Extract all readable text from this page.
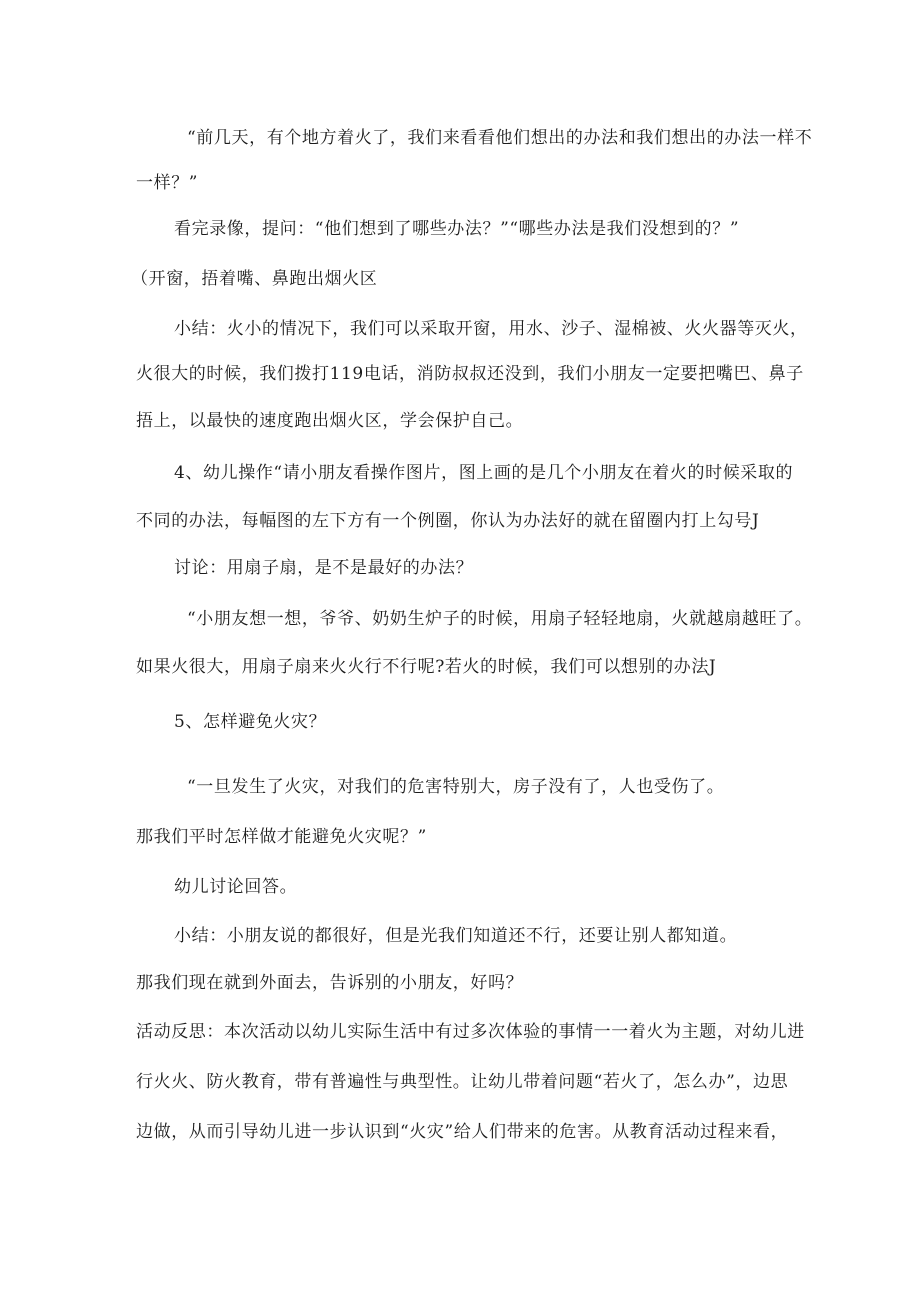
“前几天，有个地方着火了，我们来看看他们想出的办法和我们想出的办法一样不
一样？”
看完录像，提问：“他们想到了哪些办法？”“哪些办法是我们没想到的？”
（开窗，捂着嘴、鼻跑出烟火区
小结：火小的情况下，我们可以采取开窗，用水、沙子、湿棉被、火火器等灭火，
火很大的时候，我们拨打119电话，消防叔叔还没到，我们小朋友一定要把嘴巴、鼻子
捂上，以最快的速度跑出烟火区，学会保护自己。
4、幼儿操作“请小朋友看操作图片，图上画的是几个小朋友在着火的时候采取的
不同的办法，每幅图的左下方有一个例圈，你认为办法好的就在留圈内打上勾号J
讨论：用扇子扇，是不是最好的办法？
“小朋友想一想，爷爷、奶奶生炉子的时候，用扇子轻轻地扇，火就越扇越旺了。
如果火很大，用扇子扇来火火行不行呢?若火的时候，我们可以想别的办法J
5、怎样避免火灾？
“一旦发生了火灾，对我们的危害特别大，房子没有了，人也受伤了。
那我们平时怎样做才能避免火灾呢？”
幼儿讨论回答。
小结：小朋友说的都很好，但是光我们知道还不行，还要让别人都知道。
那我们现在就到外面去，告诉别的小朋友，好吗？
活动反思：本次活动以幼儿实际生活中有过多次体验的事情一一着火为主题，对幼儿进
行火火、防火教育，带有普遍性与典型性。让幼儿带着问题“若火了，怎么办”，边思
边做，从而引导幼儿进一步认识到“火灾”给人们带来的危害。从教育活动过程来看，
